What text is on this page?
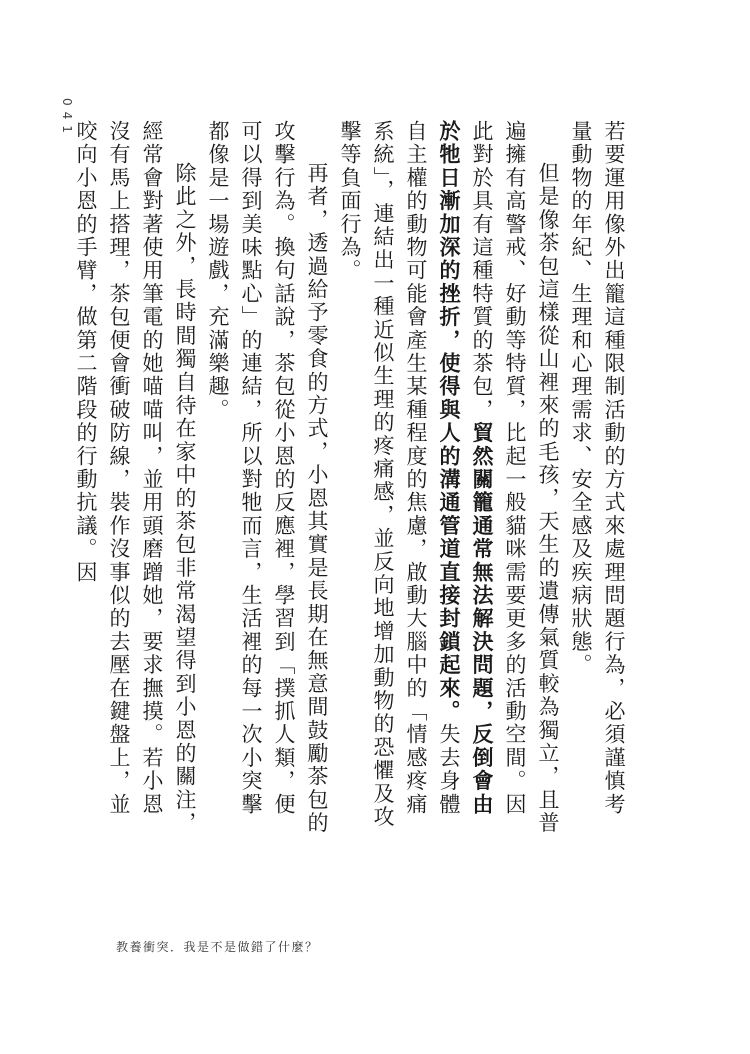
041

若要運用像外出籠這種限制活動的方式來處理問題行為，必須謹慎考量動物的年紀、生理和心理需求、安全感及疾病狀態。

但是像茶包這樣從山裡來的毛孩，天生的遺傳氣質較為獨立，且普遍擁有高警戒、好動等特質，比起一般貓咪需要更多的活動空間。因此對於具有這種特質的茶包，貿然關籠通常無法解決問題，反倒會由於牠日漸加深的挫折，使得與人的溝通管道直接封鎖起來。失去身體自主權的動物可能會產生某種程度的焦慮，啟動大腦中的「情感疼痛系統」，連結出一種近似生理的疼痛感，並反向地增加動物的恐懼及攻擊等負面行為。

再者，透過給予零食的方式，小恩其實是長期在無意間鼓勵茶包的攻擊行為。換句話說，茶包從小恩的反應裡，學習到「撲抓人類，便可以得到美味點心」的連結，所以對牠而言，生活裡的每一次小突擊都像是一場遊戲，充滿樂趣。

除此之外，長時間獨自待在家中的茶包非常渴望得到小恩的關注，經常會對著使用筆電的她喵喵叫，並用頭磨蹭她，要求撫摸。若小恩沒有馬上搭理，茶包便會衝破防線，裝作沒事似的去壓在鍵盤上，並咬向小恩的手臂，做第二階段的行動抗議。因

教養衝突．我是不是做錯了什麼？
